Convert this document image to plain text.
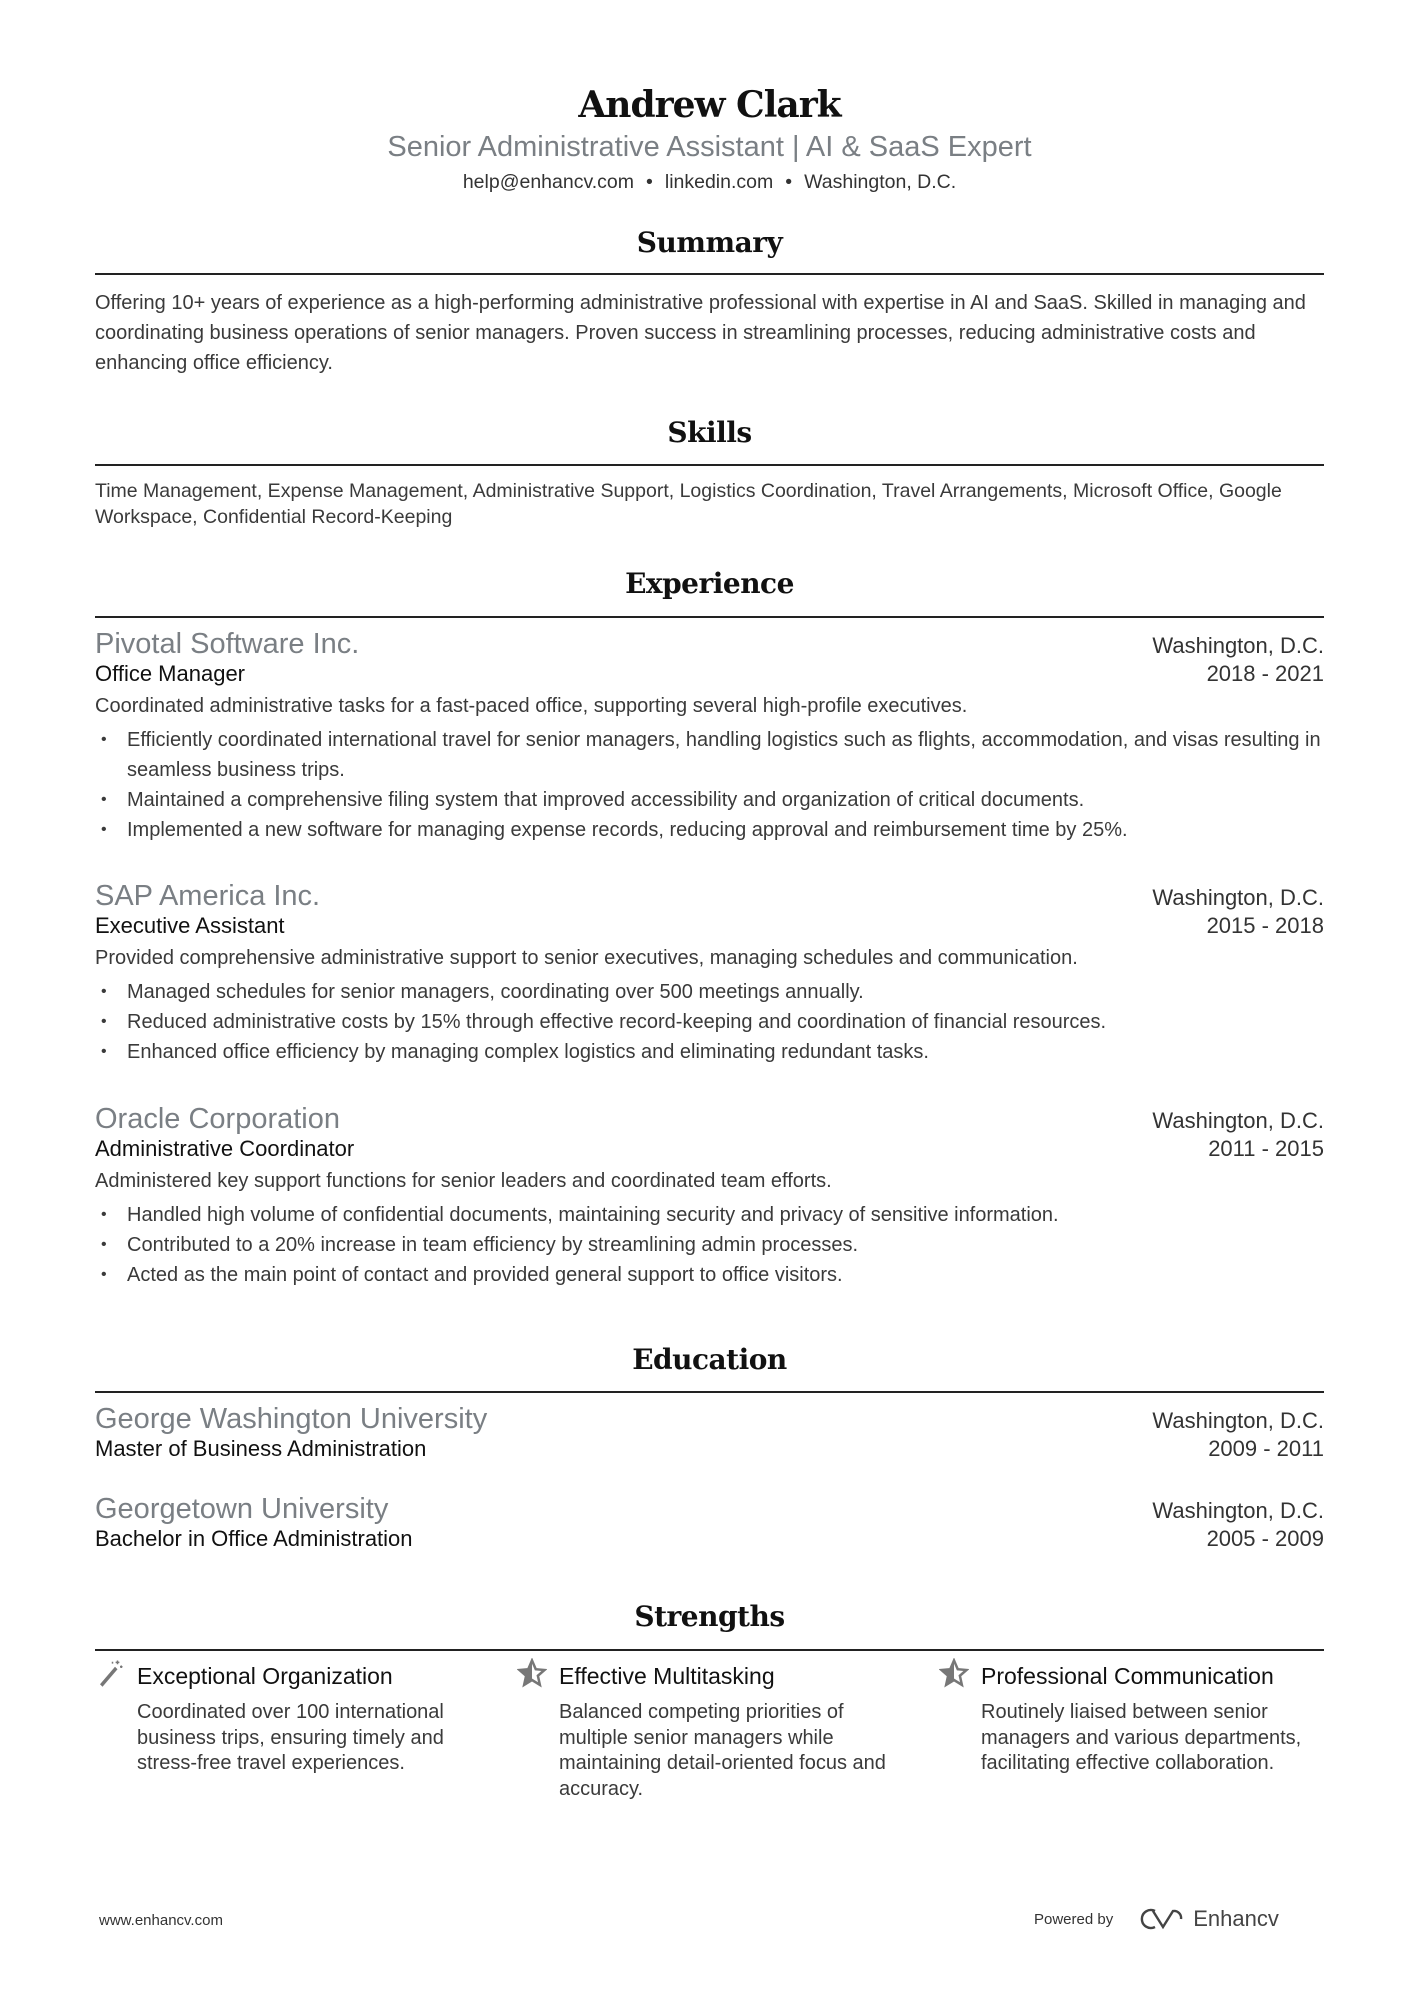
Andrew Clark
Senior Administrative Assistant | AI & SaaS Expert
help@enhancv.com • linkedin.com • Washington, D.C.
Summary
Offering 10+ years of experience as a high-performing administrative professional with expertise in AI and SaaS. Skilled in managing and coordinating business operations of senior managers. Proven success in streamlining processes, reducing administrative costs and enhancing office efficiency.
Skills
Time Management, Expense Management, Administrative Support, Logistics Coordination, Travel Arrangements, Microsoft Office, Google Workspace, Confidential Record-Keeping
Experience
Pivotal Software Inc.	Washington, D.C.
Office Manager	2018 - 2021
Coordinated administrative tasks for a fast-paced office, supporting several high-profile executives.
• Efficiently coordinated international travel for senior managers, handling logistics such as flights, accommodation, and visas resulting in seamless business trips.
• Maintained a comprehensive filing system that improved accessibility and organization of critical documents.
• Implemented a new software for managing expense records, reducing approval and reimbursement time by 25%.
SAP America Inc.	Washington, D.C.
Executive Assistant	2015 - 2018
Provided comprehensive administrative support to senior executives, managing schedules and communication.
• Managed schedules for senior managers, coordinating over 500 meetings annually.
• Reduced administrative costs by 15% through effective record-keeping and coordination of financial resources.
• Enhanced office efficiency by managing complex logistics and eliminating redundant tasks.
Oracle Corporation	Washington, D.C.
Administrative Coordinator	2011 - 2015
Administered key support functions for senior leaders and coordinated team efforts.
• Handled high volume of confidential documents, maintaining security and privacy of sensitive information.
• Contributed to a 20% increase in team efficiency by streamlining admin processes.
• Acted as the main point of contact and provided general support to office visitors.
Education
George Washington University	Washington, D.C.
Master of Business Administration	2009 - 2011
Georgetown University	Washington, D.C.
Bachelor in Office Administration	2005 - 2009
Strengths
Exceptional Organization
Coordinated over 100 international business trips, ensuring timely and stress-free travel experiences.
Effective Multitasking
Balanced competing priorities of multiple senior managers while maintaining detail-oriented focus and accuracy.
Professional Communication
Routinely liaised between senior managers and various departments, facilitating effective collaboration.
www.enhancv.com	Powered by	Enhancv
